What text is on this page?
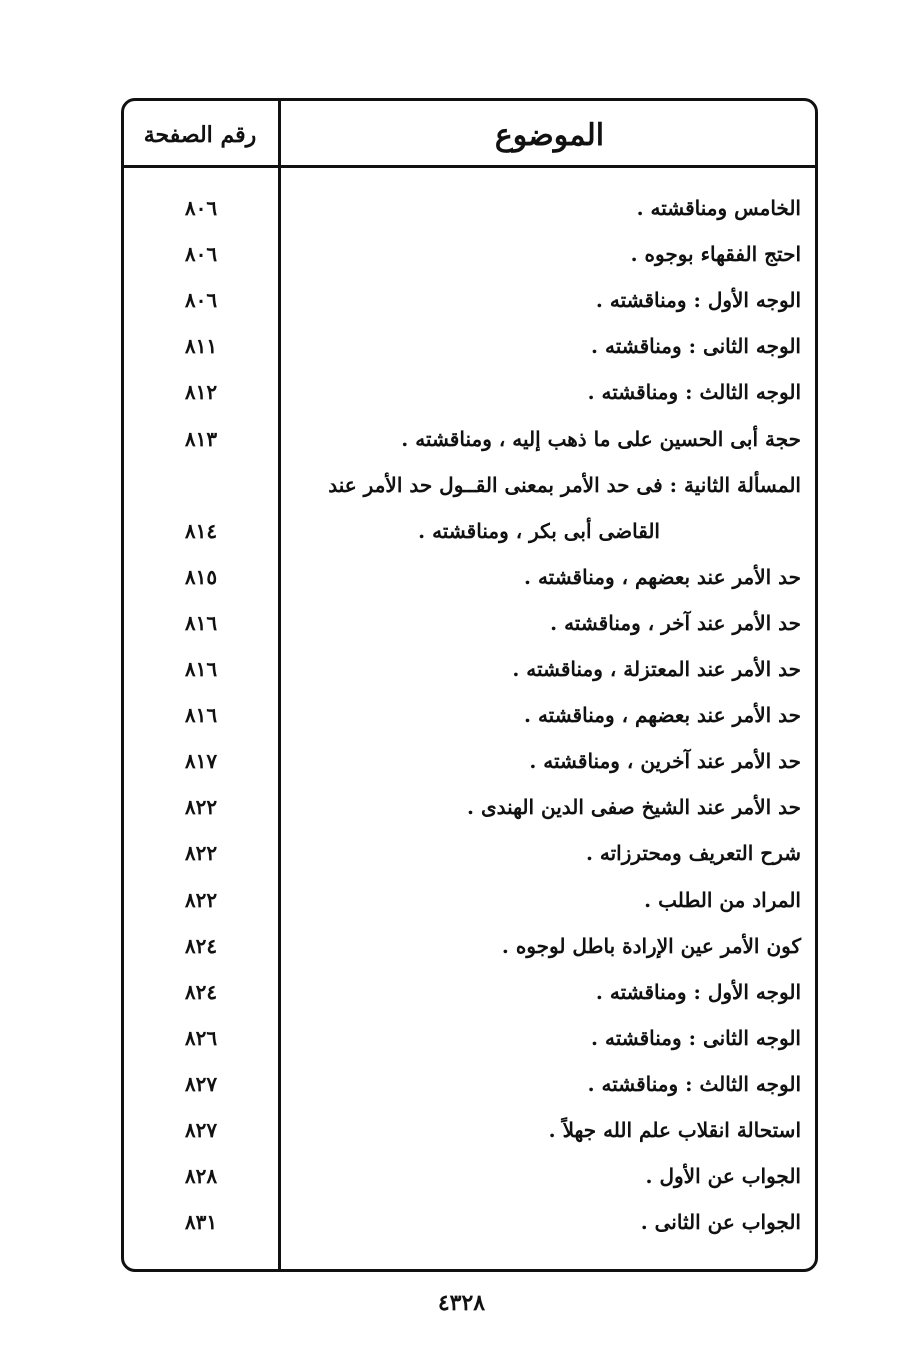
الموضوع
رقم الصفحة
الخامس ومناقشته .
٨٠٦
احتج الفقهاء بوجوه .
٨٠٦
الوجه الأول : ومناقشته .
٨٠٦
الوجه الثانى : ومناقشته .
٨١١
الوجه الثالث : ومناقشته .
٨١٢
حجة أبى الحسين على ما ذهب إليه ، ومناقشته .
٨١٣
المسألة الثانية : فى حد الأمر بمعنى القــول حد الأمر عند
القاضى أبى بكر ، ومناقشته .
٨١٤
حد الأمر عند بعضهم ، ومناقشته .
٨١٥
حد الأمر عند آخر ، ومناقشته .
٨١٦
حد الأمر عند المعتزلة ، ومناقشته .
٨١٦
حد الأمر عند بعضهم ، ومناقشته .
٨١٦
حد الأمر عند آخرين ، ومناقشته .
٨١٧
حد الأمر عند الشيخ صفى الدين الهندى .
٨٢٢
شرح التعريف ومحترزاته .
٨٢٢
المراد من الطلب .
٨٢٢
كون الأمر عين الإرادة باطل لوجوه .
٨٢٤
الوجه الأول : ومناقشته .
٨٢٤
الوجه الثانى : ومناقشته .
٨٢٦
الوجه الثالث : ومناقشته .
٨٢٧
استحالة انقلاب علم الله جهلاً .
٨٢٧
الجواب عن الأول .
٨٢٨
الجواب عن الثانى .
٨٣١
٤٣٢٨
